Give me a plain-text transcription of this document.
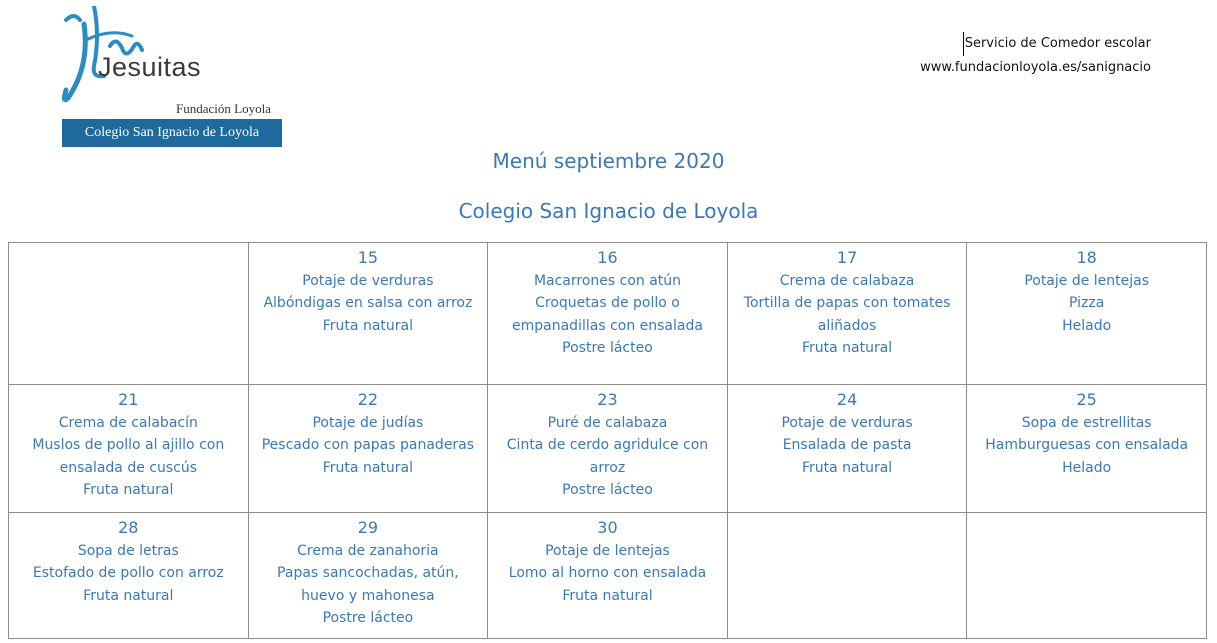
Jesuitas
Fundación Loyola
Colegio San Ignacio de Loyola
Servicio de Comedor escolar
www.fundacionloyola.es/sanignacio
Menú septiembre 2020
Colegio San Ignacio de Loyola

	15
Potaje de verduras
Albóndigas en salsa con arroz
Fruta natural	16
Macarrones con atún
Croquetas de pollo o empanadillas con ensalada
Postre lácteo	17
Crema de calabaza
Tortilla de papas con tomates aliñados
Fruta natural	18
Potaje de lentejas
Pizza
Helado

21
Crema de calabacín
Muslos de pollo al ajillo con ensalada de cuscús
Fruta natural	22
Potaje de judías
Pescado con papas panaderas
Fruta natural	23
Puré de calabaza
Cinta de cerdo agridulce con arroz
Postre lácteo	24
Potaje de verduras
Ensalada de pasta
Fruta natural	25
Sopa de estrellitas
Hamburguesas con ensalada
Helado

28
Sopa de letras
Estofado de pollo con arroz
Fruta natural	29
Crema de zanahoria
Papas sancochadas, atún, huevo y mahonesa
Postre lácteo	30
Potaje de lentejas
Lomo al horno con ensalada
Fruta natural		
